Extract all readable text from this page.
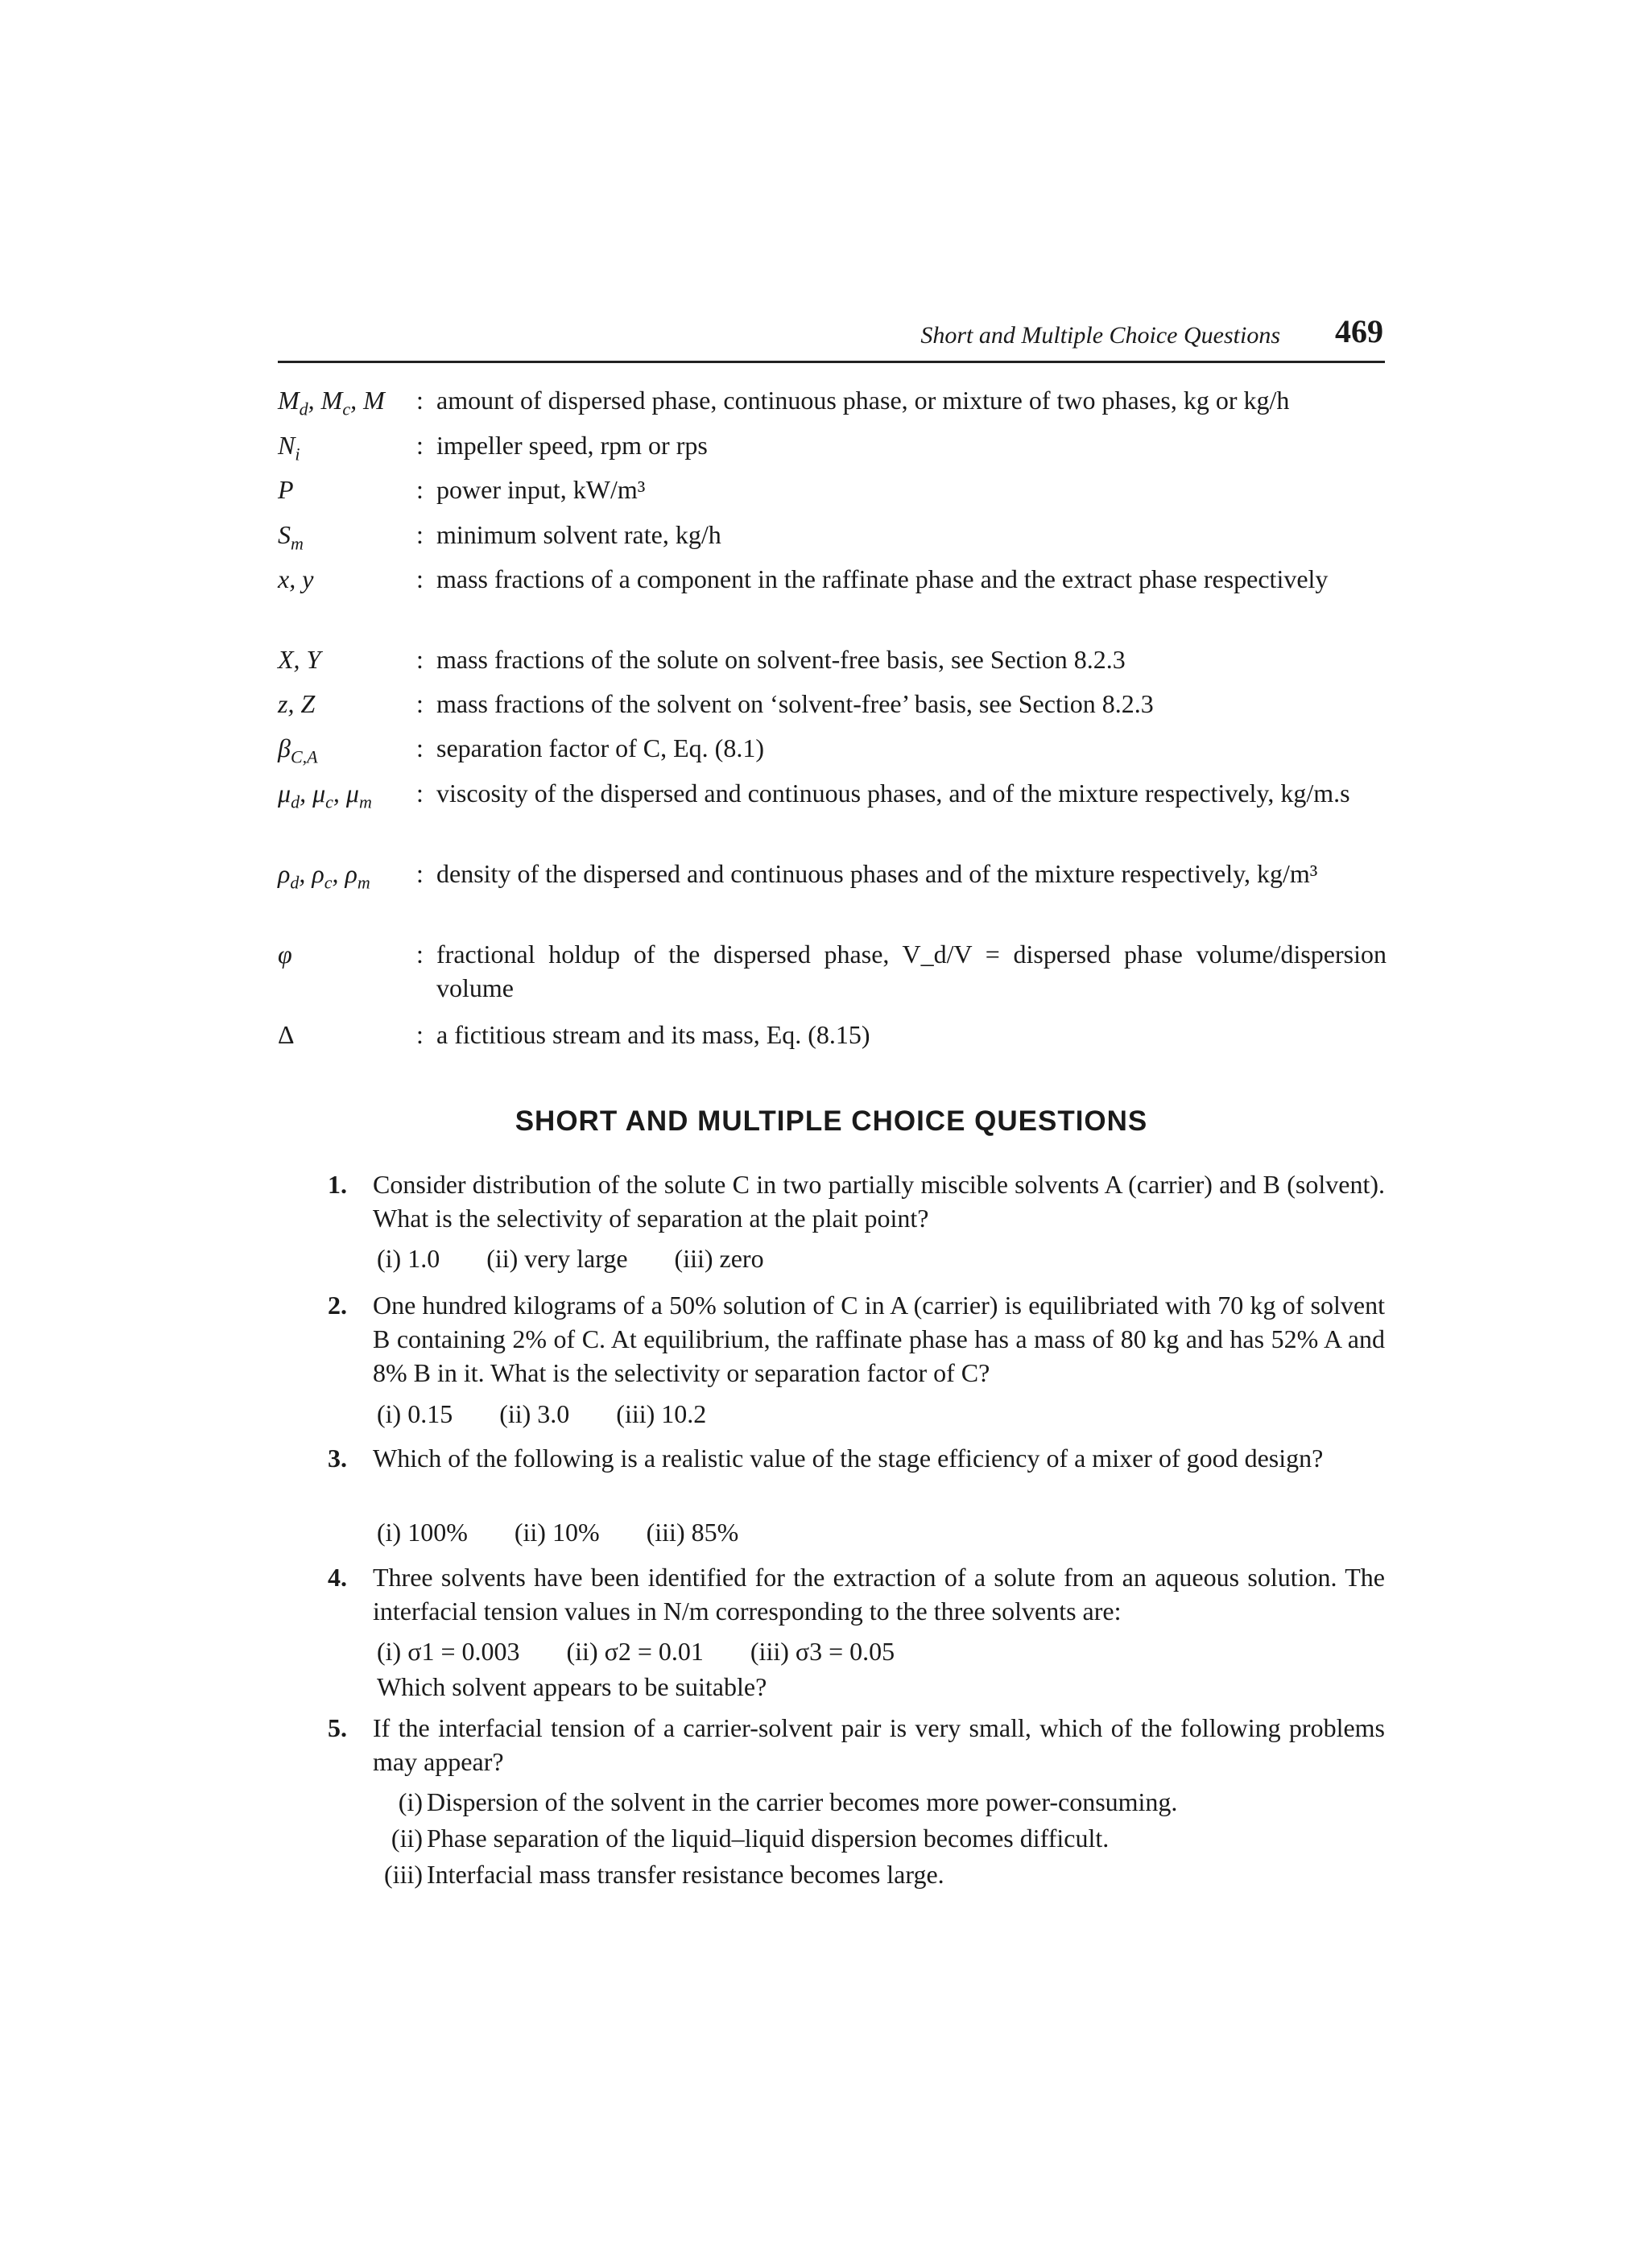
Short and Multiple Choice Questions 469
$M_d$, $M_c$, M	: amount of dispersed phase, continuous phase, or mixture of two phases, kg or kg/h
$N_i$	: impeller speed, rpm or rps
P	: power input, kW/m³
$S_m$	: minimum solvent rate, kg/h
x, y	: mass fractions of a component in the raffinate phase and the extract phase respectively
X, Y	: mass fractions of the solute on solvent-free basis, see Section 8.2.3
z, Z	: mass fractions of the solvent on ‘solvent-free’ basis, see Section 8.2.3
$\beta_{C,A}$	: separation factor of C, Eq. (8.1)
$\mu_d$, $\mu_c$, $\mu_m$	: viscosity of the dispersed and continuous phases, and of the mixture respectively, kg/m.s
$\rho_d$, $\rho_c$, $\rho_m$	: density of the dispersed and continuous phases and of the mixture respectively, kg/m³
φ	: fractional holdup of the dispersed phase, V_d/V = dispersed phase volume/dispersion volume
Δ	: a fictitious stream and its mass, Eq. (8.15)
SHORT AND MULTIPLE CHOICE QUESTIONS
1. Consider distribution of the solute C in two partially miscible solvents A (carrier) and B (solvent). What is the selectivity of separation at the plait point?
(i) 1.0 (ii) very large (iii) zero
2. One hundred kilograms of a 50% solution of C in A (carrier) is equilibriated with 70 kg of solvent B containing 2% of C. At equilibrium, the raffinate phase has a mass of 80 kg and has 52% A and 8% B in it. What is the selectivity or separation factor of C?
(i) 0.15 (ii) 3.0 (iii) 10.2
3. Which of the following is a realistic value of the stage efficiency of a mixer of good design?
(i) 100% (ii) 10% (iii) 85%
4. Three solvents have been identified for the extraction of a solute from an aqueous solution. The interfacial tension values in N/m corresponding to the three solvents are:
(i) σ1 = 0.003 (ii) σ2 = 0.01 (iii) σ3 = 0.05
Which solvent appears to be suitable?
5. If the interfacial tension of a carrier-solvent pair is very small, which of the following problems may appear?
(i) Dispersion of the solvent in the carrier becomes more power-consuming.
(ii) Phase separation of the liquid–liquid dispersion becomes difficult.
(iii) Interfacial mass transfer resistance becomes large.
